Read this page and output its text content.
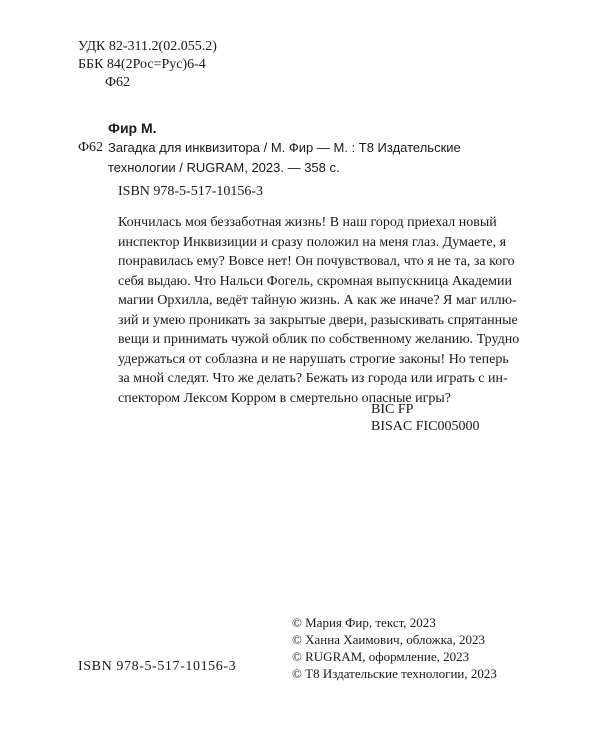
УДК 82-311.2(02.055.2)

ББК 84(2Рос=Рус)6-4

Ф62

Фир М.

Ф62 Загадка для инквизитора / М. Фир — М. : Т8 Издательские
технологии / RUGRAM, 2023. — 358 с.

ISBN 978-5-517-10156-3

Кончилась моя беззаботная жизнь! В наш город приехал новый
инспектор Инквизиции и сразу положил на меня глаз. Думаете, я
понравилась ему? Вовсе нет! Он почувствовал, что я не та, за кого
себя выдаю. Что Нальси Фогель, скромная выпускница Академии
магии Орхилла, ведёт тайную жизнь. А как же иначе? Я маг иллю-
зий и умею проникать за закрытые двери, разыскивать спрятанные
вещи и принимать чужой облик по собственному желанию. Трудно
удержаться от соблазна и не нарушать строгие законы! Но теперь
за мной следят. Что же делать? Бежать из города или играть с ин-
спектором Лексом Корром в смертельно опасные игры?

BIC FP

BISAC FIC005000

© Мария Фир, текст, 2023
© Ханна Хаимович, обложка, 2023
© RUGRAM, оформление, 2023
© Т8 Издательские технологии, 2023

ISBN 978-5-517-10156-3
